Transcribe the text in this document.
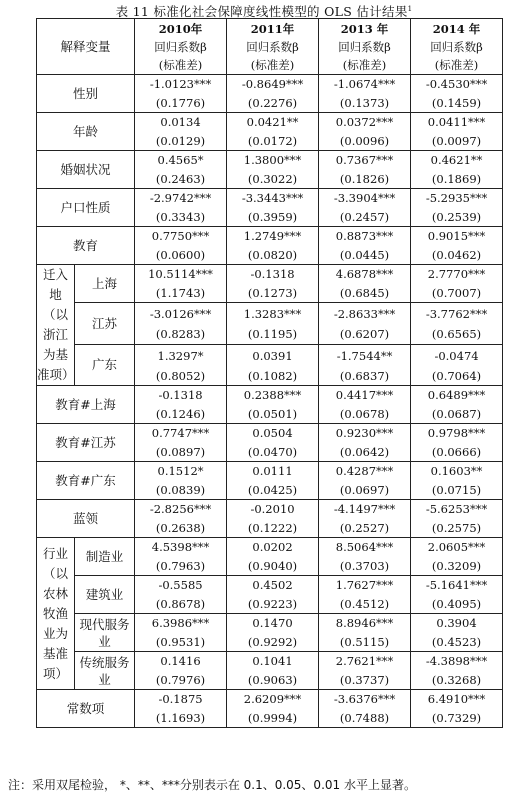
表 11 标准化社会保障度线性模型的 OLS 估计结果$^1$
解释变量		2010年	2011年	2013 年	2014 年
		回归系数β	回归系数β	回归系数β	回归系数β
		(标准差)	(标准差)	(标准差)	(标准差)
性别		-1.0123***	-0.8649***	-1.0674***	-0.4530***
		(0.1776)	(0.2276)	(0.1373)	(0.1459)
年龄		0.0134	0.0421**	0.0372***	0.0411***
		(0.0129)	(0.0172)	(0.0096)	(0.0097)
婚姻状况		0.4565*	1.3800***	0.7367***	0.4621**
		(0.2463)	(0.3022)	(0.1826)	(0.1869)
户口性质		-2.9742***	-3.3443***	-3.3904***	-5.2935***
		(0.3343)	(0.3959)	(0.2457)	(0.2539)
教育		0.7750***	1.2749***	0.8873***	0.9015***
		(0.0600)	(0.0820)	(0.0445)	(0.0462)
迁入地（以浙江为基准项）	上海	10.5114***	-0.1318	4.6878***	2.7770***
		(1.1743)	(0.1273)	(0.6845)	(0.7007)
	江苏	-3.0126***	1.3283***	-2.8633***	-3.7762***
		(0.8283)	(0.1195)	(0.6207)	(0.6565)
	广东	1.3297*	0.0391	-1.7544**	-0.0474
		(0.8052)	(0.1082)	(0.6837)	(0.7064)
教育#上海		-0.1318	0.2388***	0.4417***	0.6489***
		(0.1246)	(0.0501)	(0.0678)	(0.0687)
教育#江苏		0.7747***	0.0504	0.9230***	0.9798***
		(0.0897)	(0.0470)	(0.0642)	(0.0666)
教育#广东		0.1512*	0.0111	0.4287***	0.1603**
		(0.0839)	(0.0425)	(0.0697)	(0.0715)
蓝领		-2.8256***	-0.2010	-4.1497***	-5.6253***
		(0.2638)	(0.1222)	(0.2527)	(0.2575)
行业（以农林牧渔业为基准项）	制造业	4.5398***	0.0202	8.5064***	2.0605***
		(0.7963)	(0.9040)	(0.3703)	(0.3209)
	建筑业	-0.5585	0.4502	1.7627***	-5.1641***
		(0.8678)	(0.9223)	(0.4512)	(0.4095)
	现代服务业	6.3986***	0.1470	8.8946***	0.3904
		(0.9531)	(0.9292)	(0.5115)	(0.4523)
	传统服务业	0.1416	0.1041	2.7621***	-4.3898***
		(0.7976)	(0.9063)	(0.3737)	(0.3268)
常数项		-0.1875	2.6209***	-3.6376***	6.4910***
		(1.1693)	(0.9994)	(0.7488)	(0.7329)
注：采用双尾检验， *、**、***分别表示在 0.1、0.05、0.01 水平上显著。
